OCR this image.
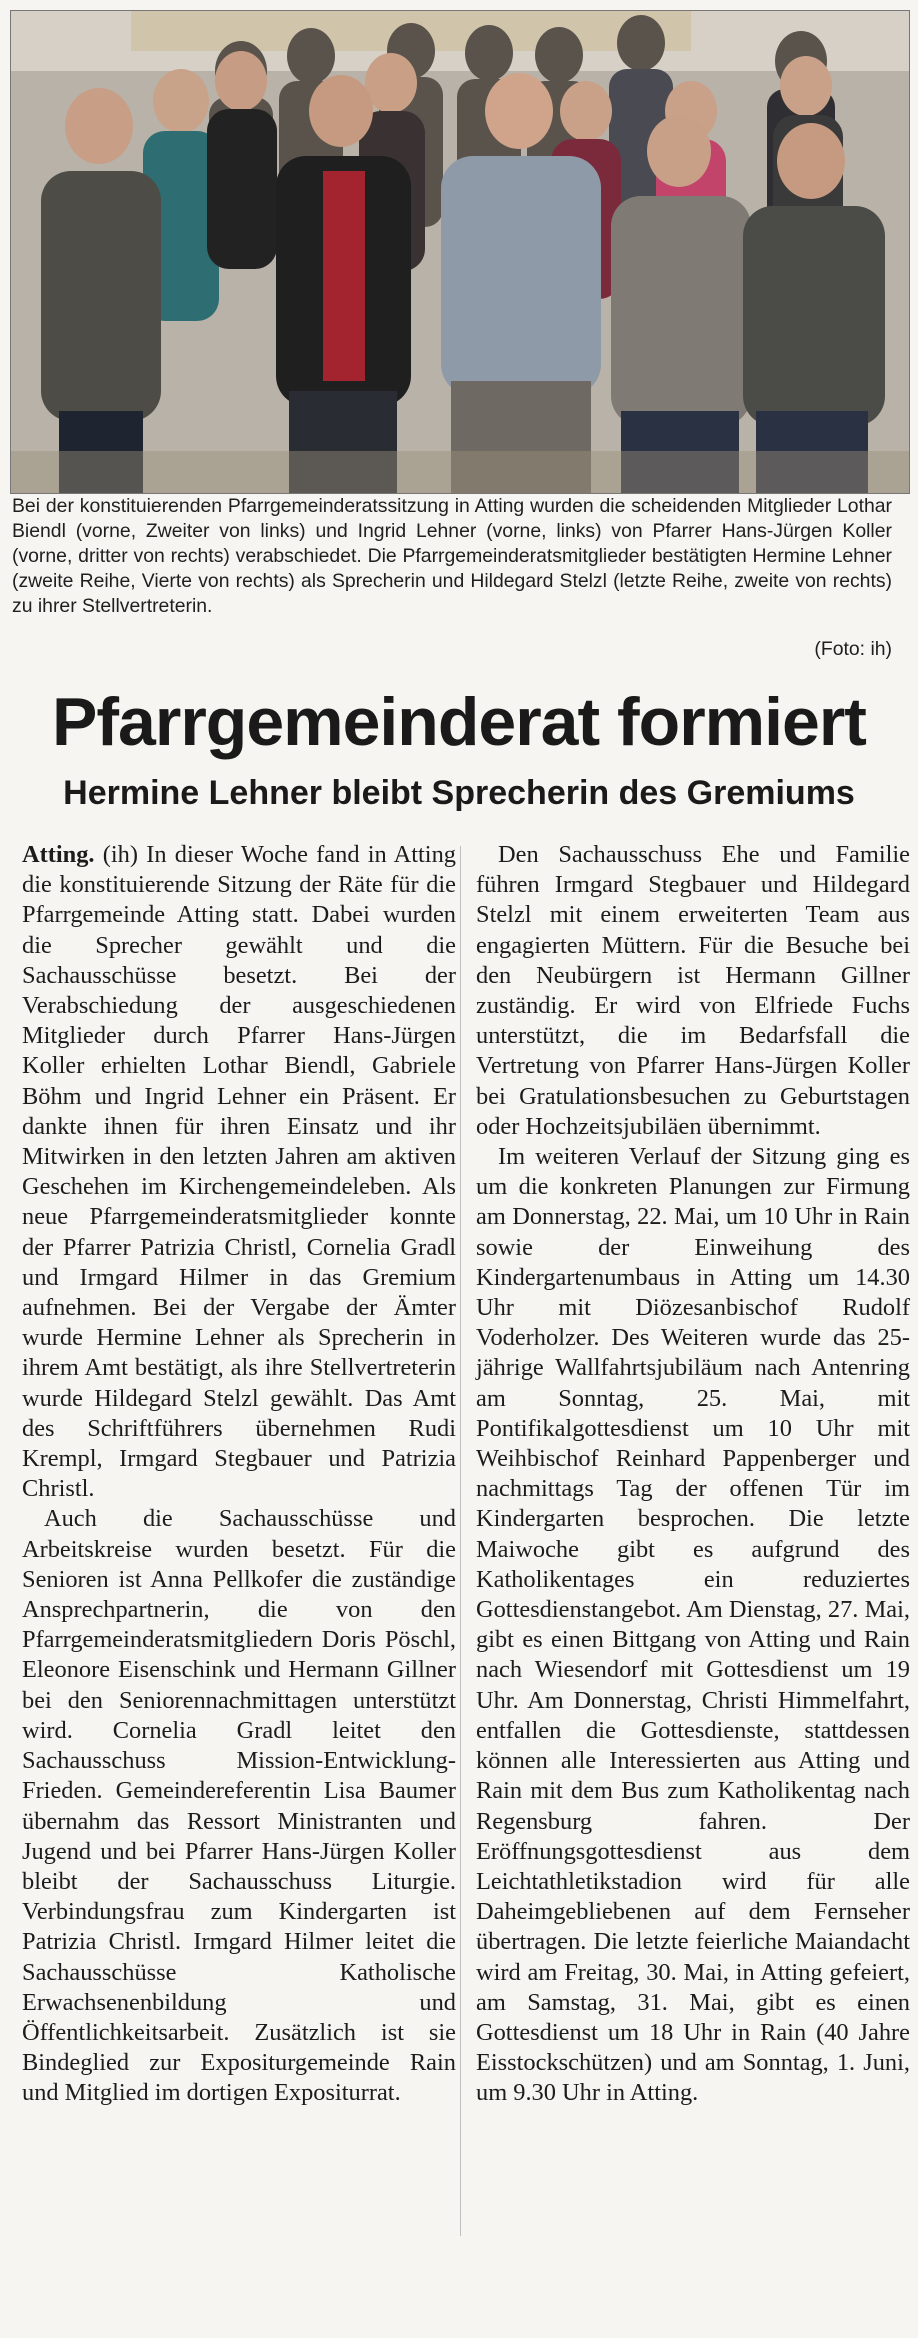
Bei der konstituierenden Pfarrgemeinderatssitzung in Atting wurden die scheidenden Mitglieder Lothar Biendl (vorne, Zweiter von links) und Ingrid Lehner (vorne, links) von Pfarrer Hans-Jürgen Koller (vorne, dritter von rechts) verabschiedet. Die Pfarrgemeinderatsmitglieder bestätigten Hermine Lehner (zweite Reihe, Vierte von rechts) als Sprecherin und Hildegard Stelzl (letzte Reihe, zweite von rechts) zu ihrer Stellvertreterin.
(Foto: ih)
Pfarrgemeinderat formiert
Hermine Lehner bleibt Sprecherin des Gremiums

Atting. (ih) In dieser Woche fand in Atting die konstituierende Sitzung der Räte für die Pfarrgemeinde Atting statt. Dabei wurden die Sprecher gewählt und die Sachausschüsse besetzt. Bei der Verabschiedung der ausgeschiedenen Mitglieder durch Pfarrer Hans-Jürgen Koller erhielten Lothar Biendl, Gabriele Böhm und Ingrid Lehner ein Präsent. Er dankte ihnen für ihren Einsatz und ihr Mitwirken in den letzten Jahren am aktiven Geschehen im Kirchengemeindeleben. Als neue Pfarrgemeinderatsmitglieder konnte der Pfarrer Patrizia Christl, Cornelia Gradl und Irmgard Hilmer in das Gremium aufnehmen. Bei der Vergabe der Ämter wurde Hermine Lehner als Sprecherin in ihrem Amt bestätigt, als ihre Stellvertreterin wurde Hildegard Stelzl gewählt. Das Amt des Schriftführers übernehmen Rudi Krempl, Irmgard Stegbauer und Patrizia Christl.

Auch die Sachausschüsse und Arbeitskreise wurden besetzt. Für die Senioren ist Anna Pellkofer die zuständige Ansprechpartnerin, die von den Pfarrgemeinderatsmitgliedern Doris Pöschl, Eleonore Eisenschink und Hermann Gillner bei den Seniorennachmittagen unterstützt wird. Cornelia Gradl leitet den Sachausschuss Mission-Entwicklung-Frieden. Gemeindereferentin Lisa Baumer übernahm das Ressort Ministranten und Jugend und bei Pfarrer Hans-Jürgen Koller bleibt der Sachausschuss Liturgie. Verbindungsfrau zum Kindergarten ist Patrizia Christl. Irmgard Hilmer leitet die Sachausschüsse Katholische Erwachsenenbildung und Öffentlichkeitsarbeit. Zusätzlich ist sie Bindeglied zur Expositurgemeinde Rain und Mitglied im dortigen Expositurrat.

Den Sachausschuss Ehe und Familie führen Irmgard Stegbauer und Hildegard Stelzl mit einem erweiterten Team aus engagierten Müttern. Für die Besuche bei den Neubürgern ist Hermann Gillner zuständig. Er wird von Elfriede Fuchs unterstützt, die im Bedarfsfall die Vertretung von Pfarrer Hans-Jürgen Koller bei Gratulationsbesuchen zu Geburtstagen oder Hochzeitsjubiläen übernimmt.

Im weiteren Verlauf der Sitzung ging es um die konkreten Planungen zur Firmung am Donnerstag, 22. Mai, um 10 Uhr in Rain sowie der Einweihung des Kindergartenumbaus in Atting um 14.30 Uhr mit Diözesanbischof Rudolf Voderholzer. Des Weiteren wurde das 25-jährige Wallfahrtsjubiläum nach Antenring am Sonntag, 25. Mai, mit Pontifikalgottesdienst um 10 Uhr mit Weihbischof Reinhard Pappenberger und nachmittags Tag der offenen Tür im Kindergarten besprochen. Die letzte Maiwoche gibt es aufgrund des Katholikentages ein reduziertes Gottesdienstangebot. Am Dienstag, 27. Mai, gibt es einen Bittgang von Atting und Rain nach Wiesendorf mit Gottesdienst um 19 Uhr. Am Donnerstag, Christi Himmelfahrt, entfallen die Gottesdienste, stattdessen können alle Interessierten aus Atting und Rain mit dem Bus zum Katholikentag nach Regensburg fahren. Der Eröffnungsgottesdienst aus dem Leichtathletikstadion wird für alle Daheimgebliebenen auf dem Fernseher übertragen. Die letzte feierliche Maiandacht wird am Freitag, 30. Mai, in Atting gefeiert, am Samstag, 31. Mai, gibt es einen Gottesdienst um 18 Uhr in Rain (40 Jahre Eisstockschützen) und am Sonntag, 1. Juni, um 9.30 Uhr in Atting.
